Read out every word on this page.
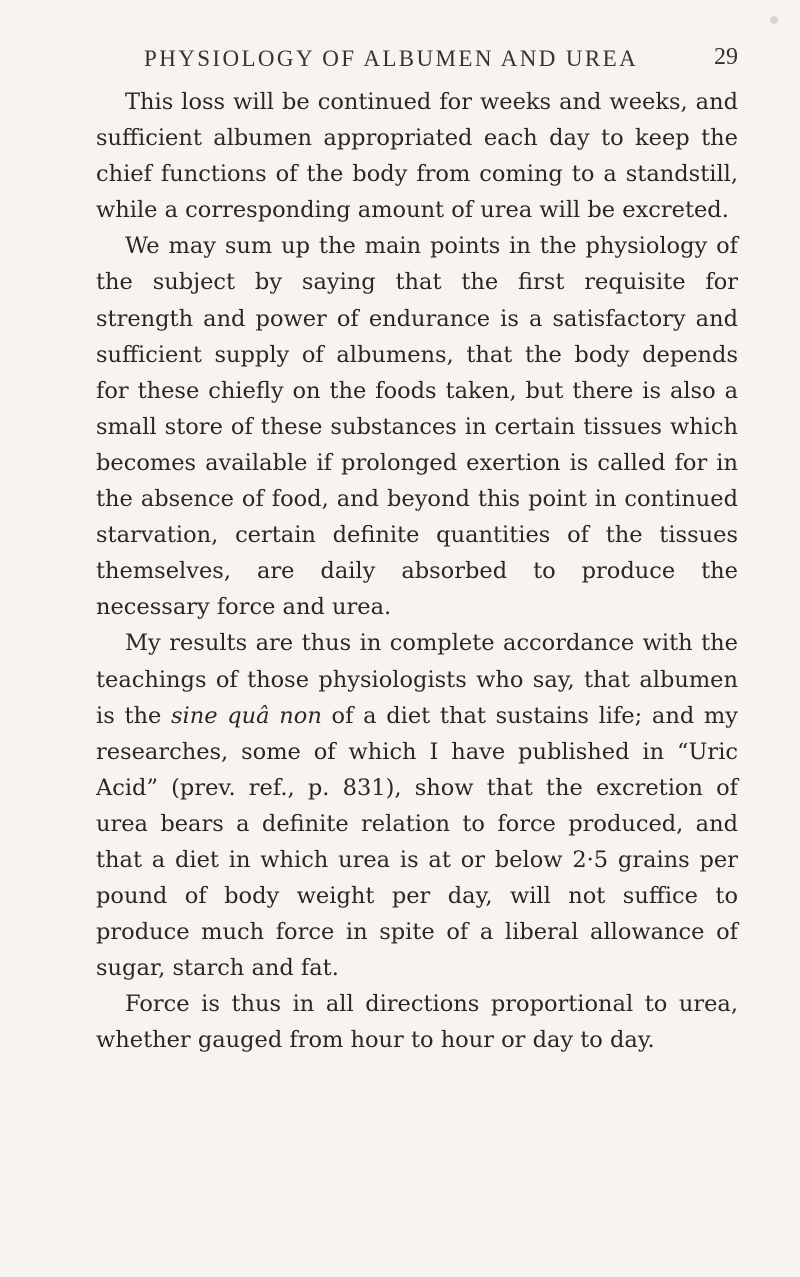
PHYSIOLOGY OF ALBUMEN AND UREA	29

This loss will be continued for weeks and weeks, and sufficient albumen appropriated each day to keep the chief functions of the body from coming to a standstill, while a corresponding amount of urea will be excreted.

We may sum up the main points in the physiology of the subject by saying that the first requisite for strength and power of endurance is a satisfactory and sufficient supply of albumens, that the body depends for these chiefly on the foods taken, but there is also a small store of these substances in certain tissues which becomes available if prolonged exertion is called for in the absence of food, and beyond this point in continued starvation, certain definite quantities of the tissues themselves, are daily absorbed to produce the necessary force and urea.

My results are thus in complete accordance with the teachings of those physiologists who say, that albumen is the sine quâ non of a diet that sustains life; and my researches, some of which I have published in “Uric Acid” (prev. ref., p. 831), show that the excretion of urea bears a definite relation to force produced, and that a diet in which urea is at or below 2·5 grains per pound of body weight per day, will not suffice to produce much force in spite of a liberal allowance of sugar, starch and fat.

Force is thus in all directions proportional to urea, whether gauged from hour to hour or day to day.
